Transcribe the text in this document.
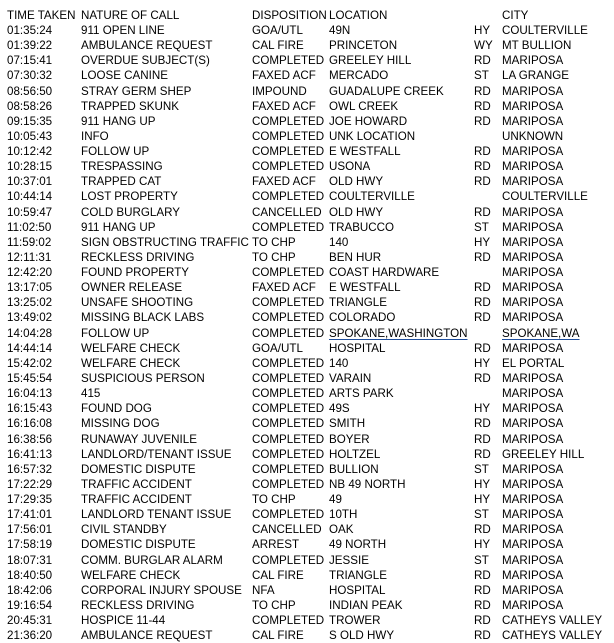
TIME TAKEN NATURE OF CALL	DISPOSITION LOCATION	CITY
01:35:24 911 OPEN LINE	GOA/UTL 49N	HY COULTERVILLE
01:39:22 AMBULANCE REQUEST	CAL FIRE PRINCETON	WY MT BULLION
07:15:41 OVERDUE SUBJECT(S)	COMPLETED GREELEY HILL	RD MARIPOSA
07:30:32 LOOSE CANINE	FAXED ACF MERCADO	ST LA GRANGE
08:56:50 STRAY GERM SHEP	IMPOUND GUADALUPE CREEK	RD MARIPOSA
08:58:26 TRAPPED SKUNK	FAXED ACF OWL CREEK	RD MARIPOSA
09:15:35 911 HANG UP	COMPLETED JOE HOWARD	RD MARIPOSA
10:05:43 INFO	COMPLETED UNK LOCATION	UNKNOWN
10:12:42 FOLLOW UP	COMPLETED E WESTFALL	RD MARIPOSA
10:28:15 TRESPASSING	COMPLETED USONA	RD MARIPOSA
10:37:01 TRAPPED CAT	FAXED ACF OLD HWY	RD MARIPOSA
10:44:14 LOST PROPERTY	COMPLETED COULTERVILLE	COULTERVILLE
10:59:47 COLD BURGLARY	CANCELLED OLD HWY	RD MARIPOSA
11:02:50	911 HANG UP	COMPLETED TRABUCCO	ST MARIPOSA
11:59:02	SIGN OBSTRUCTING TRAFFIC TO CHP	140	HY MARIPOSA
12:11:31	RECKLESS DRIVING	TO CHP	BEN HUR	RD MARIPOSA
12:42:20 FOUND PROPERTY	COMPLETED COAST HARDWARE	MARIPOSA
13:17:05 OWNER RELEASE	FAXED ACF E WESTFALL	RD MARIPOSA
13:25:02 UNSAFE SHOOTING	COMPLETED TRIANGLE	RD MARIPOSA
13:49:02 MISSING BLACK LABS	COMPLETED COLORADO	RD MARIPOSA
14:04:28 FOLLOW UP	COMPLETED SPOKANE,WASHINGTON	SPOKANE,WA
14:44:14 WELFARE CHECK	GOA/UTL HOSPITAL	RD MARIPOSA
15:42:02 WELFARE CHECK	COMPLETED 140	HY EL PORTAL
15:45:54 SUSPICIOUS PERSON	COMPLETED VARAIN	RD MARIPOSA
16:04:13 415	COMPLETED ARTS PARK	MARIPOSA
16:15:43 FOUND DOG	COMPLETED 49S	HY MARIPOSA
16:16:08 MISSING DOG	COMPLETED SMITH	RD MARIPOSA
16:38:56 RUNAWAY JUVENILE	COMPLETED BOYER	RD MARIPOSA
16:41:13 LANDLORD/TENANT ISSUE COMPLETED HOLTZEL	RD GREELEY HILL
16:57:32 DOMESTIC DISPUTE	COMPLETED BULLION	ST MARIPOSA
17:22:29 TRAFFIC ACCIDENT	COMPLETED NB 49 NORTH	HY MARIPOSA
17:29:35 TRAFFIC ACCIDENT	TO CHP	49	HY MARIPOSA
17:41:01 LANDLORD TENANT ISSUE COMPLETED 10TH	ST MARIPOSA
17:56:01 CIVIL STANDBY	CANCELLED OAK	RD MARIPOSA
17:58:19 DOMESTIC DISPUTE	ARREST	49 NORTH	HY MARIPOSA
18:07:31 COMM. BURGLAR ALARM	COMPLETED JESSIE	ST MARIPOSA
18:40:50 WELFARE CHECK	CAL FIRE TRIANGLE	RD MARIPOSA
18:42:06 CORPORAL INJURY SPOUSE NFA	HOSPITAL	RD MARIPOSA
19:16:54 RECKLESS DRIVING	TO CHP	INDIAN PEAK	RD MARIPOSA
20:45:31 HOSPICE 11-44	COMPLETED TROWER	RD CATHEYS VALLEY
21:36:20 AMBULANCE REQUEST	CAL FIRE S OLD HWY	RD CATHEYS VALLEY
